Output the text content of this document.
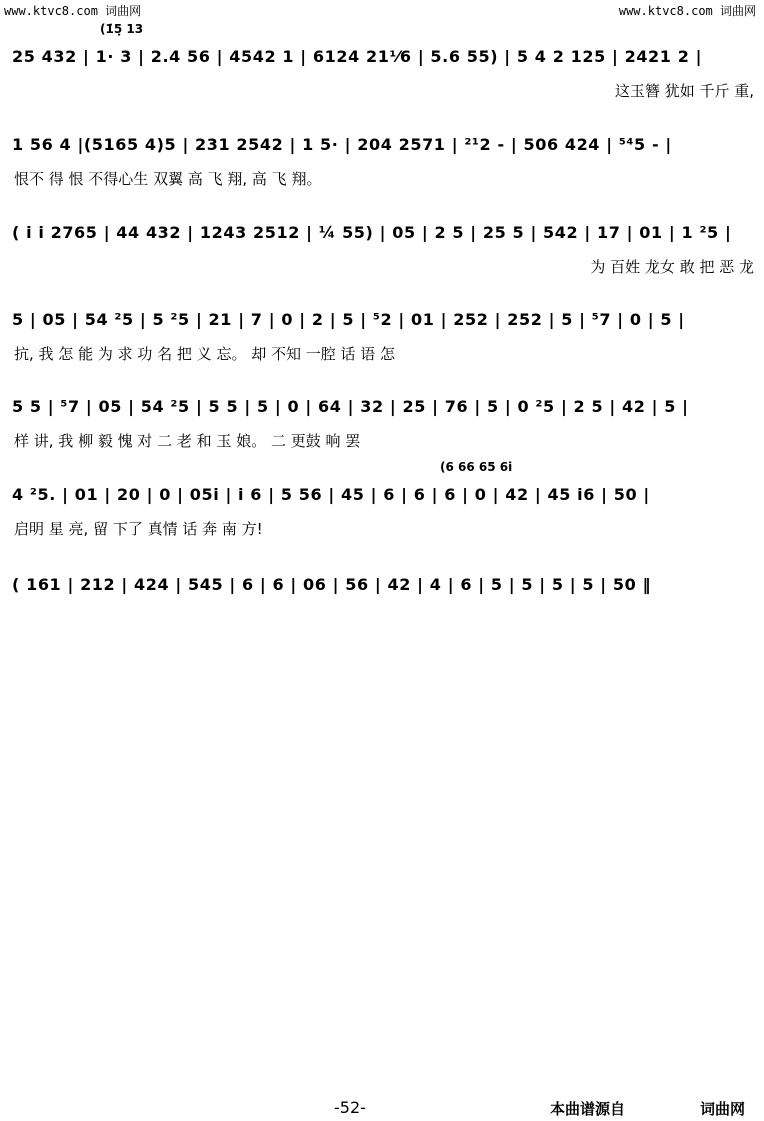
www.ktvc8.com 词曲网	www.ktvc8.com 词曲网
(1̇5̣ 13
25 432 | 1· 3 | 2.4 56 | 4542 1 | 6124 21⅟6 | 5.6 55) | 5 4 2 125 | 2421 2 |
这玉簪 犹如 千斤 重,
1 56 4 |(5165 4)5 | 231 2542 | 1 5· | 204 2571 | ²¹2 - | 506 424 | ⁵⁴5 - |
恨不 得 恨 不得心生 双翼 高 飞 翔, 高 飞 翔。
( i i 2765 | 44 432 | 1243 2512 | ¼ 55) | 05 | 2 5 | 25 5 | 542 | 17 | 01 | 1 ²5 |
为 百姓 龙女 敢 把 恶 龙
5 | 05 | 54 ²5 | 5 ²5 | 21 | 7 | 0 | 2 | 5 | ⁵2 | 01 | 252 | 252 | 5 | ⁵7 | 0 | 5 |
抗, 我 怎 能 为 求 功 名 把 义 忘。 却 不知 一腔 话 语 怎
5 5 | ⁵7 | 05 | 54 ²5 | 5 5 | 5 | 0 | 64 | 32 | 25 | 76 | 5 | 0 ²5 | 2 5 | 42 | 5 |
样 讲, 我 柳 毅 愧 对 二 老 和 玉 娘。 二 更鼓 响 罢
(6 66 65 6i
4 ²5. | 01 | 20 | 0 | 05i | i 6 | 5 56 | 45 | 6 | 6 | 6 | 0 | 42 | 45 ⅰ6 | 50 |
启明 星 亮, 留 下了 真情 话 奔 南 方!
( 161 | 212 | 424 | 545 | 6 | 6 | 06 | 56 | 42 | 4 | 6 | 5 | 5 | 5 | 5 | 50 ‖
-52-	本曲谱源自	词曲网
